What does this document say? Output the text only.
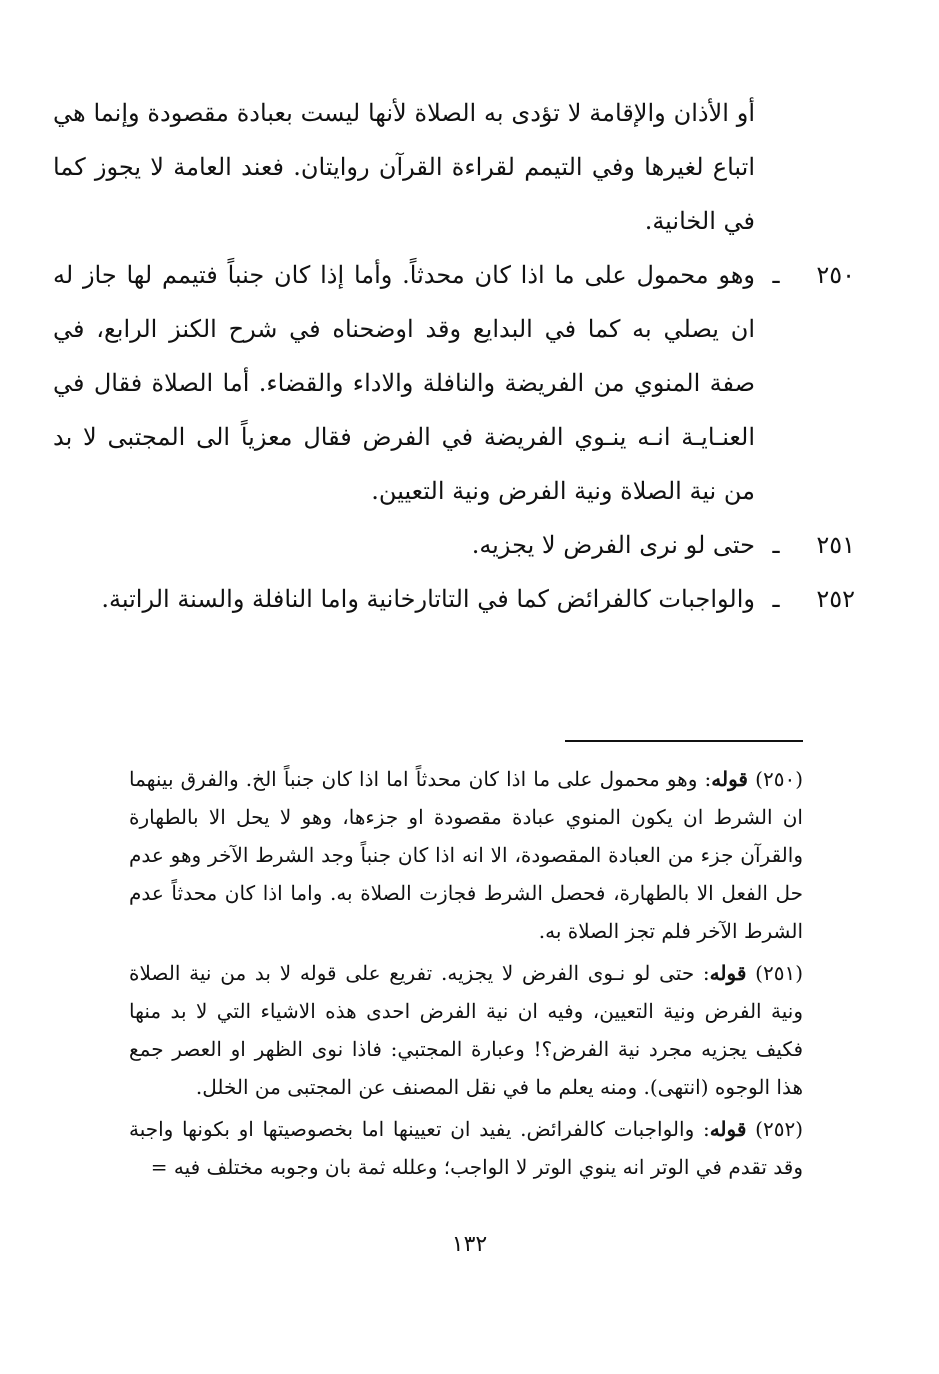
أو الأذان والإقامة لا تؤدى به الصلاة لأنها ليست بعبادة مقصودة وإنما هي اتباع لغيرها وفي التيمم لقراءة القرآن روايتان. فعند العامة لا يجوز كما في الخانية.
٢٥٠
ـ
وهو محمول على ما اذا كان محدثاً. وأما إذا كان جنباً فتيمم لها جاز له ان يصلي به كما في البدايع وقد اوضحناه في شرح الكنز الرابع، في صفة المنوي من الفريضة والنافلة والاداء والقضاء. أما الصلاة فقال في العنـايـة انـه ينـوي الفريضة في الفرض فقال معزياً الى المجتبى لا بد من نية الصلاة ونية الفرض ونية التعيين.
٢٥١
ـ
حتى لو نرى الفرض لا يجزيه.
٢٥٢
ـ
والواجبات كالفرائض كما في التاتارخانية واما النافلة والسنة الراتبة.

(٢٥٠) قوله: وهو محمول على ما اذا كان محدثاً اما اذا كان جنباً الخ. والفرق بينهما ان الشرط ان يكون المنوي عبادة مقصودة او جزءها، وهو لا يحل الا بالطهارة والقرآن جزء من العبادة المقصودة، الا انه اذا كان جنباً وجد الشرط الآخر وهو عدم حل الفعل الا بالطهارة، فحصل الشرط فجازت الصلاة به. واما اذا كان محدثاً عدم الشرط الآخر فلم تجز الصلاة به.

(٢٥١) قوله: حتى لو نـوى الفرض لا يجزيه. تفريع على قوله لا بد من نية الصلاة ونية الفرض ونية التعيين، وفيه ان نية الفرض احدى هذه الاشياء التي لا بد منها فكيف يجزيه مجرد نية الفرض؟! وعبارة المجتبي: فاذا نوى الظهر او العصر جمع هذا الوجوه (انتهى). ومنه يعلم ما في نقل المصنف عن المجتبى من الخلل.

(٢٥٢) قوله: والواجبات كالفرائض. يفيد ان تعيينها اما بخصوصيتها او بكونها واجبة وقد تقدم في الوتر انه ينوي الوتر لا الواجب؛ وعلله ثمة بان وجوبه مختلف فيه =

١٣٢
